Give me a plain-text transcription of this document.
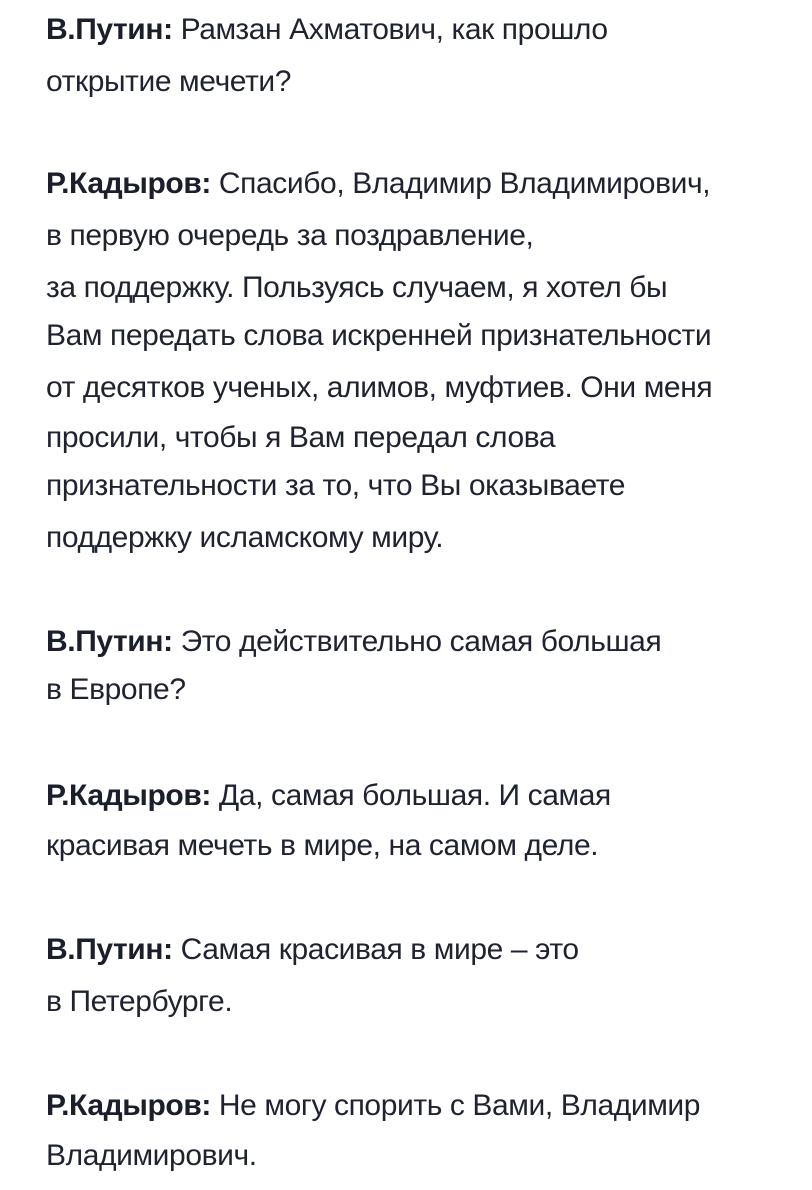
В.Путин: Рамзан Ахматович, как прошло

открытие мечети?

Р.Кадыров: Спасибо, Владимир Владимирович,

в первую очередь за поздравление,

за поддержку. Пользуясь случаем, я хотел бы

Вам передать слова искренней признательности

от десятков ученых, алимов, муфтиев. Они меня

просили, чтобы я Вам передал слова

признательности за то, что Вы оказываете

поддержку исламскому миру.

В.Путин: Это действительно самая большая

в Европе?

Р.Кадыров: Да, самая большая. И самая

красивая мечеть в мире, на самом деле.

В.Путин: Самая красивая в мире – это

в Петербурге.

Р.Кадыров: Не могу спорить с Вами, Владимир

Владимирович.
